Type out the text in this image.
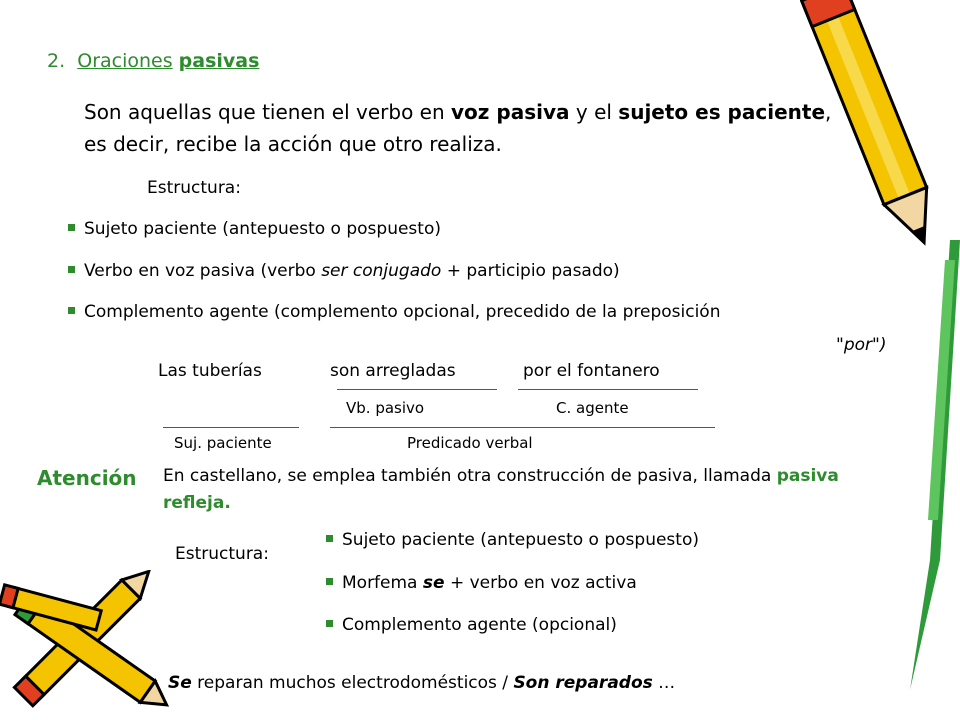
2. Oraciones pasivas
Son aquellas que tienen el verbo en voz pasiva y el sujeto es paciente, es decir, recibe la acción que otro realiza.
Estructura:
Sujeto paciente (antepuesto o pospuesto)
Verbo en voz pasiva (verbo ser conjugado + participio pasado)
Complemento agente (complemento opcional, precedido de la preposición
"por")
Las tuberías	son arregladas	por el fontanero
Vb. pasivo	C. agente
Suj. paciente	Predicado verbal
Atención En castellano, se emplea también otra construcción de pasiva, llamada pasiva refleja.
Estructura:
Sujeto paciente (antepuesto o pospuesto)
Morfema se + verbo en voz activa
Complemento agente (opcional)
Se reparan muchos electrodomésticos / Son reparados …
